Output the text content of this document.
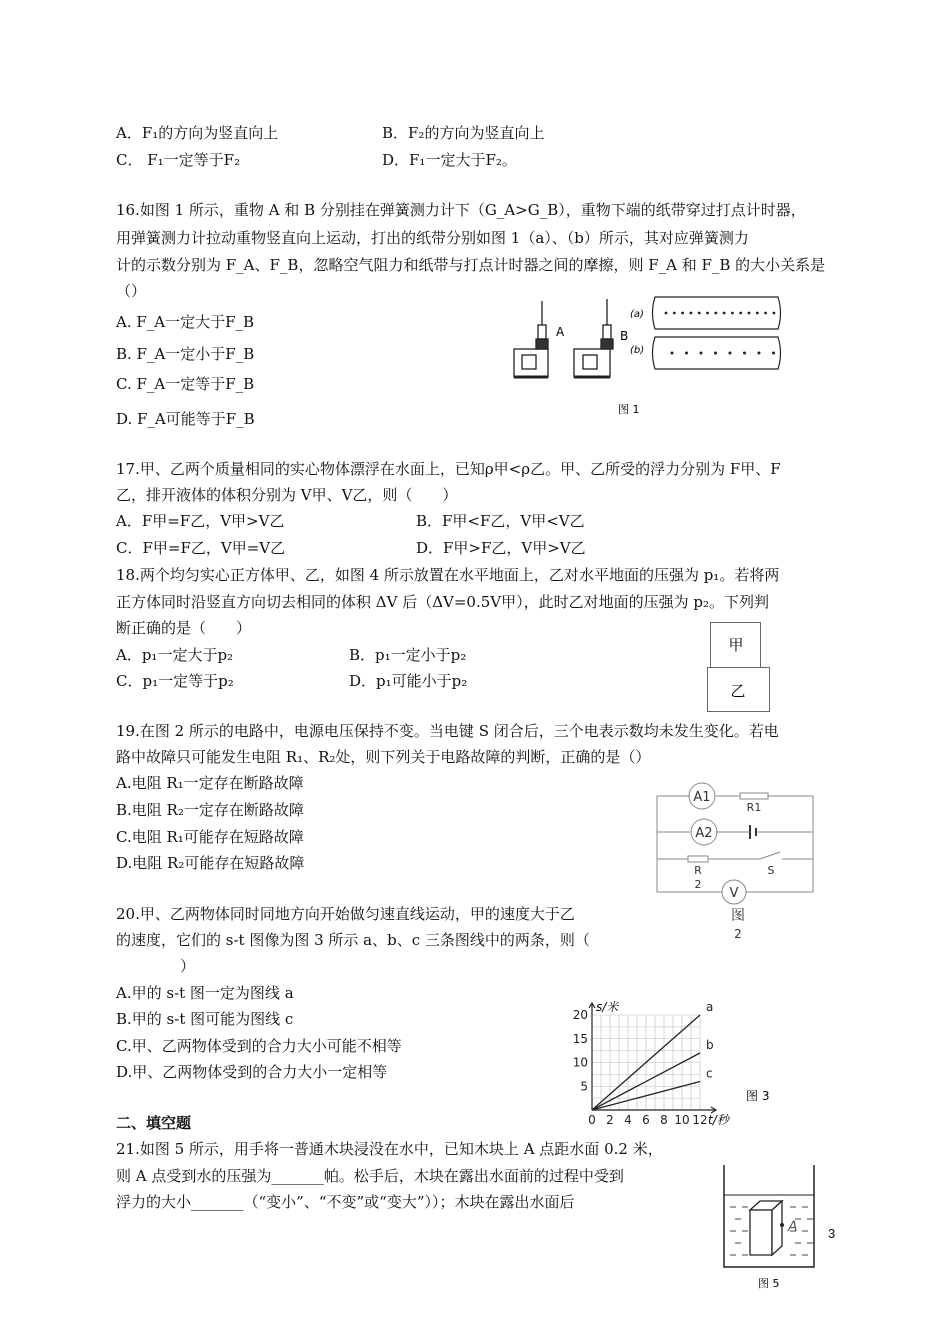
A．F₁的方向为竖直向上	B．F₂的方向为竖直向上
C． F₁一定等于F₂	D．F₁一定大于F₂。
16.如图 1 所示，重物 A 和 B 分别挂在弹簧测力计下（G_A>G_B），重物下端的纸带穿过打点计时器，
用弹簧测力计拉动重物竖直向上运动，打出的纸带分别如图 1（a）、（b）所示，其对应弹簧测力
计的示数分别为 F_A、F_B，忽略空气阻力和纸带与打点计时器之间的摩擦，则 F_A 和 F_B 的大小关系是
（）
A. F_A一定大于F_B
B. F_A一定小于F_B
C. F_A一定等于F_B
D. F_A可能等于F_B
A	B
(a)
(b)
图 1
17.甲、乙两个质量相同的实心物体漂浮在水面上，已知ρ甲<ρ乙。甲、乙所受的浮力分别为 F甲、F
乙，排开液体的体积分别为 V甲、V乙，则（　　）
A．F甲=F乙，V甲>V乙	B．F甲<F乙，V甲<V乙
C．F甲=F乙，V甲=V乙	D．F甲>F乙，V甲>V乙
18.两个均匀实心正方体甲、乙，如图 4 所示放置在水平地面上，乙对水平地面的压强为 p₁。若将两
正方体同时沿竖直方向切去相同的体积 ΔV 后（ΔV=0.5V甲），此时乙对地面的压强为 p₂。下列判
断正确的是（　　）
A．p₁一定大于p₂	B．p₁一定小于p₂
C．p₁一定等于p₂	D．p₁可能小于p₂
甲
乙
19.在图 2 所示的电路中，电源电压保持不变。当电键 S 闭合后，三个电表示数均未发生变化。若电
路中故障只可能发生电阻 R₁、R₂处，则下列关于电路故障的判断，正确的是（）
A.电阻 R₁一定存在断路故障
B.电阻 R₂一定存在断路故障
C.电阻 R₁可能存在短路故障
D.电阻 R₂可能存在短路故障
A1
A2
V
R1
R
2
S
图
2
20.甲、乙两物体同时同地方向开始做匀速直线运动，甲的速度大于乙
的速度，它们的 s-t 图像为图 3 所示 a、b、c 三条图线中的两条，则（
）
A.甲的 s-t 图一定为图线 a
B.甲的 s-t 图可能为图线 c
C.甲、乙两物体受到的合力大小可能不相等
D.甲、乙两物体受到的合力大小一定相等
0 2 4 6 8 10 12
5
10
15
20
a
b
c
s/米
t/秒
图 3
二、填空题
21.如图 5 所示，用手将一普通木块浸没在水中，已知木块上 A 点距水面 0.2 米，
则 A 点受到水的压强为_______帕。松手后，木块在露出水面前的过程中受到
浮力的大小_______（“变小”、“不变”或“变大”））；木块在露出水面后
A
图 5
3
